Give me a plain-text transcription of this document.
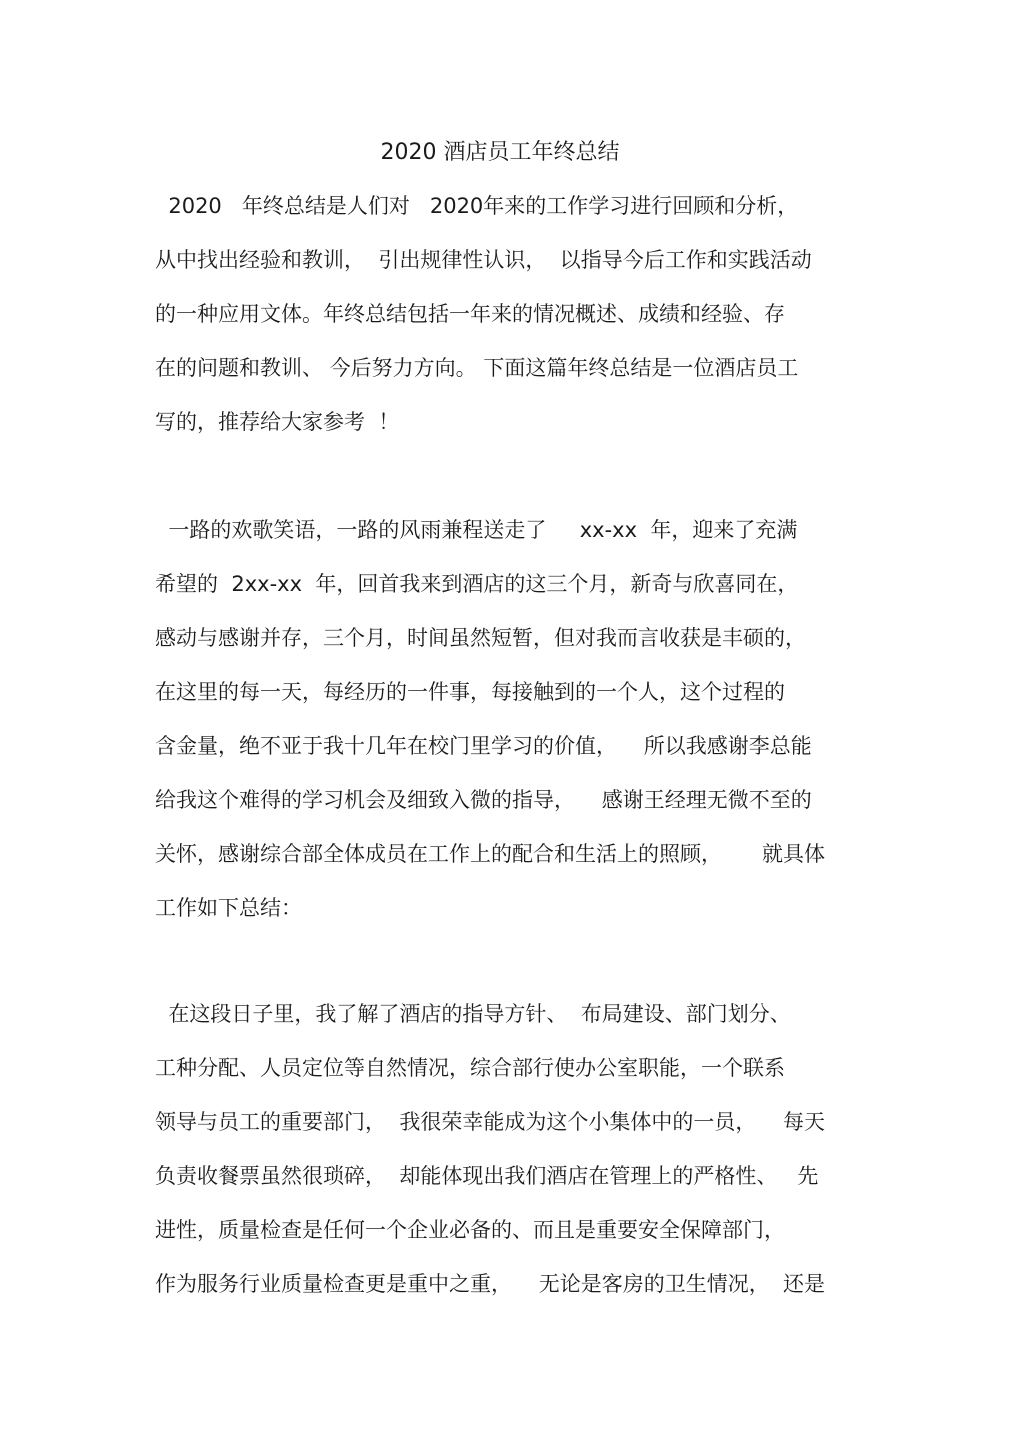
2020 酒店员工年终总结
2020   年终总结是人们对   2020年来的工作学习进行回顾和分析，
从中找出经验和教训，  引出规律性认识，  以指导今后工作和实践活动
的一种应用文体。年终总结包括一年来的情况概述、成绩和经验、存
在的问题和教训、 今后努力方向。 下面这篇年终总结是一位酒店员工
写的，推荐给大家参考  ！
一路的欢歌笑语，一路的风雨兼程送走了     xx-xx  年，迎来了充满
希望的  2xx-xx  年，回首我来到酒店的这三个月，新奇与欣喜同在，
感动与感谢并存，三个月，时间虽然短暂，但对我而言收获是丰硕的，
在这里的每一天，每经历的一件事，每接触到的一个人，这个过程的
含金量，绝不亚于我十几年在校门里学习的价值，    所以我感谢李总能
给我这个难得的学习机会及细致入微的指导，    感谢王经理无微不至的
关怀，感谢综合部全体成员在工作上的配合和生活上的照顾，      就具体
工作如下总结：
在这段日子里，我了解了酒店的指导方针、  布局建设、部门划分、
工种分配、人员定位等自然情况，综合部行使办公室职能，一个联系
领导与员工的重要部门，  我很荣幸能成为这个小集体中的一员，    每天
负责收餐票虽然很琐碎，  却能体现出我们酒店在管理上的严格性、   先
进性，质量检查是任何一个企业必备的、而且是重要安全保障部门，
作为服务行业质量检查更是重中之重，    无论是客房的卫生情况，  还是
